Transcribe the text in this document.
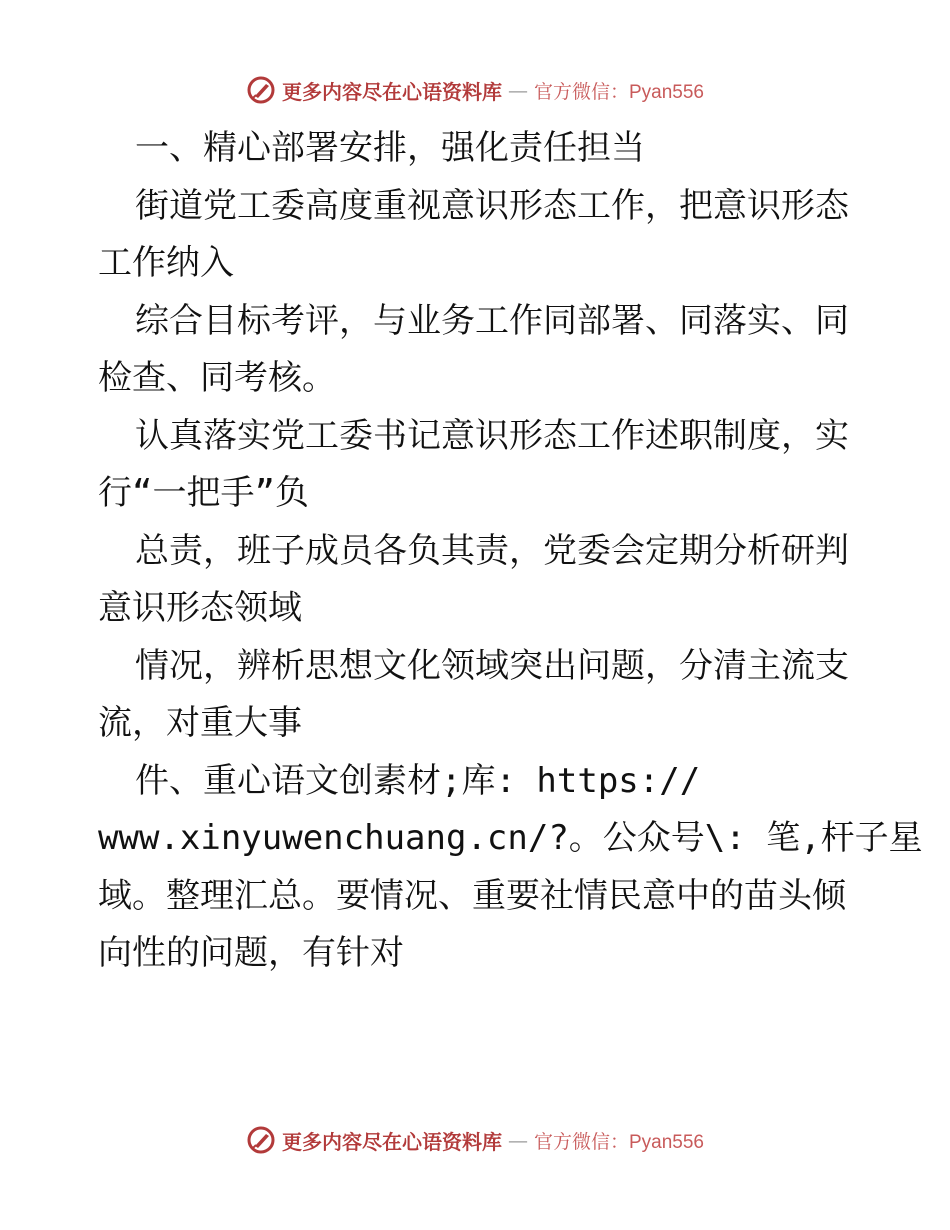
更多内容尽在心语资料库 — 官方微信：Pyan556
一、精心部署安排，强化责任担当
街道党工委高度重视意识形态工作，把意识形态
工作纳入
综合目标考评，与业务工作同部署、同落实、同
检查、同考核。
认真落实党工委书记意识形态工作述职制度，实
行“一把手”负
总责，班子成员各负其责，党委会定期分析研判
意识形态领域
情况，辨析思想文化领域突出问题，分清主流支
流，对重大事
件、重心语文创素材;库: https://
www.xinyuwenchuang.cn/?。公众号\: 笔,杆子星
域。整理汇总。要情况、重要社情民意中的苗头倾
向性的问题，有针对
更多内容尽在心语资料库 — 官方微信：Pyan556
